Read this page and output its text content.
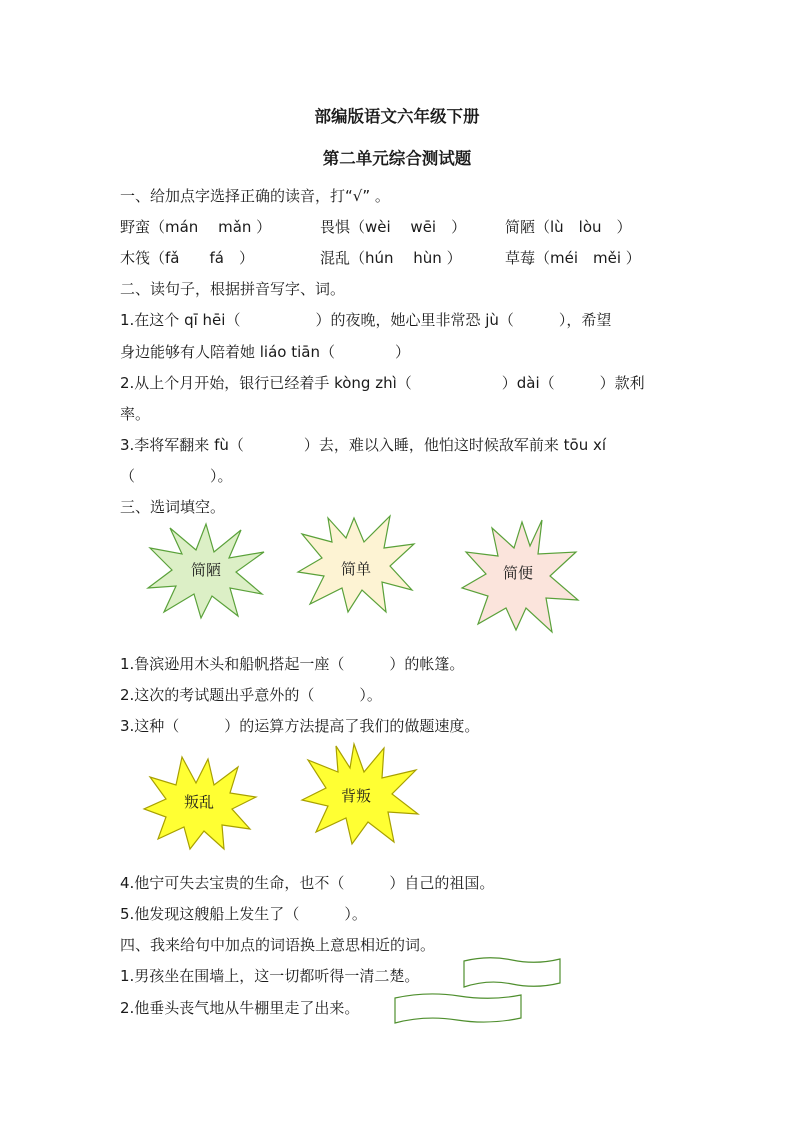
部编版语文六年级下册
第二单元综合测试题
一、给加点字选择正确的读音，打“√” 。
野蛮（mán　 mǎn ）	畏惧（wèi　 wēi　）	简陋（lù　lòu　）
木筏（fǎ　　fá　）	混乱（hún　 hùn ）	草莓（méi　měi ）
二、读句子，根据拼音写字、词。
1.在这个 qī hēi（　　　　　）的夜晚，她心里非常恐 jù（　　　），希望
身边能够有人陪着她 liáo tiān（　　　　）
2.从上个月开始，银行已经着手 kòng zhì（　　　　　　）dài（　　　）款利
率。
3.李将军翻来 fù（　　　　）去，难以入睡，他怕这时候敌军前来 tōu xí
（　　　　　）。
三、选词填空。
简陋	简单	简便
1.鲁滨逊用木头和船帆搭起一座（　　　）的帐篷。
2.这次的考试题出乎意外的（　　　）。
3.这种（　　　）的运算方法提高了我们的做题速度。
叛乱	背叛
4.他宁可失去宝贵的生命，也不（　　　）自己的祖国。
5.他发现这艘船上发生了（　　　）。
四、我来给句中加点的词语换上意思相近的词。
1.男孩坐在围墙上，这一切都听得一清二楚。
2.他垂头丧气地从牛棚里走了出来。
